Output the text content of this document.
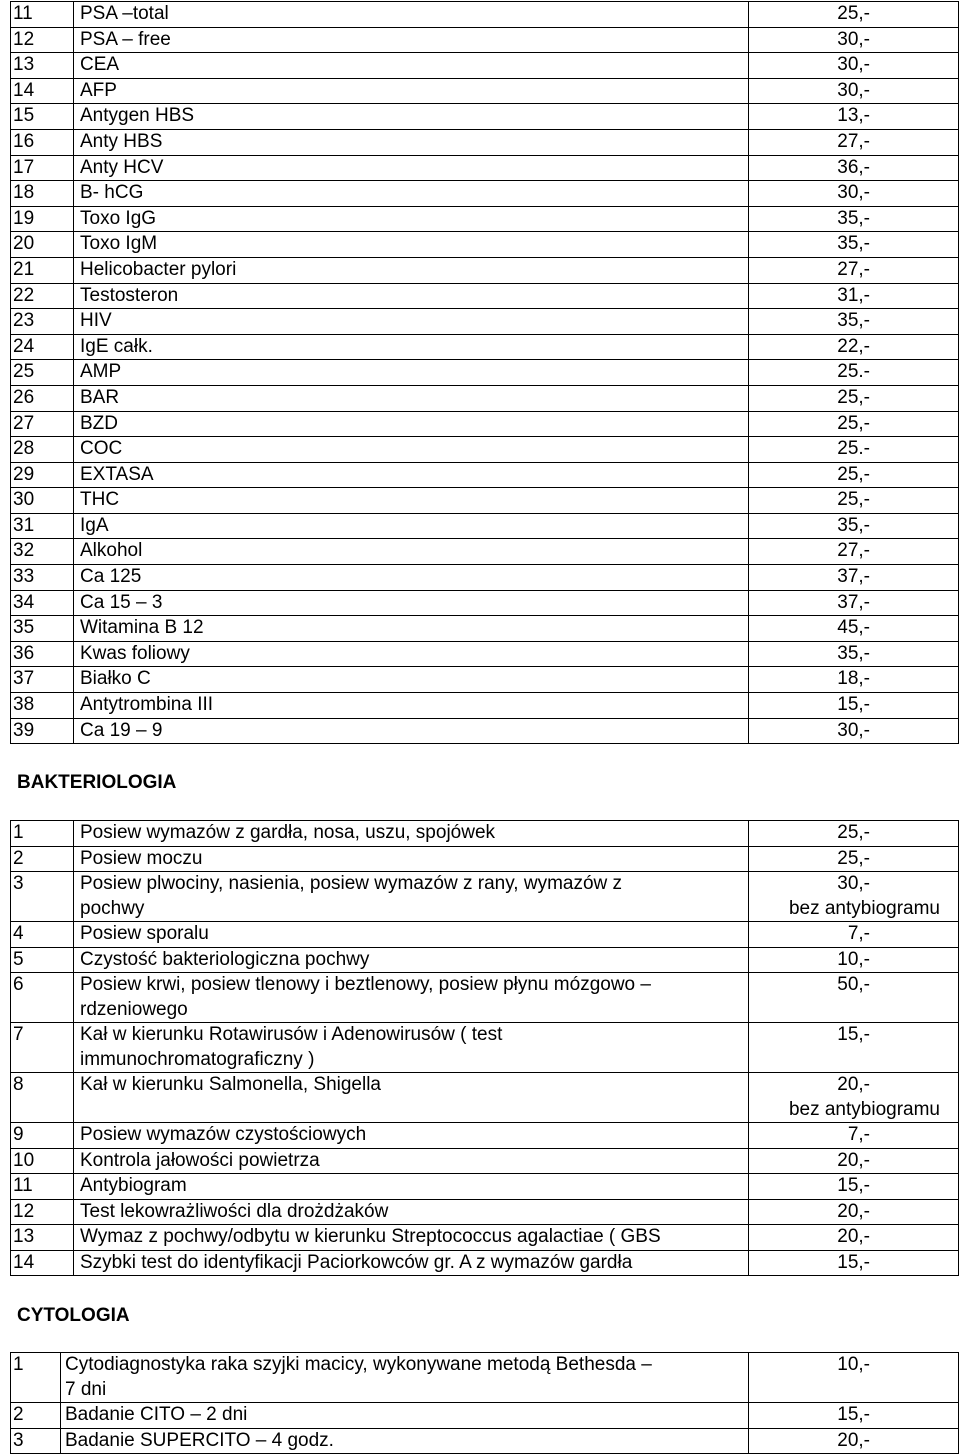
11	PSA –total	25,-
12	PSA – free	30,-
13	CEA	30,-
14	AFP	30,-
15	Antygen HBS	13,-
16	Anty HBS	27,-
17	Anty HCV	36,-
18	B- hCG	30,-
19	Toxo IgG	35,-
20	Toxo IgM	35,-
21	Helicobacter pylori	27,-
22	Testosteron	31,-
23	HIV	35,-
24	IgE całk.	22,-
25	AMP	25.-
26	BAR	25,-
27	BZD	25,-
28	COC	25.-
29	EXTASA	25,-
30	THC	25,-
31	IgA	35,-
32	Alkohol	27,-
33	Ca 125	37,-
34	Ca 15 – 3	37,-
35	Witamina B 12	45,-
36	Kwas foliowy	35,-
37	Białko C	18,-
38	Antytrombina III	15,-
39	Ca 19 – 9	30,-
BAKTERIOLOGIA
1	Posiew wymazów z gardła, nosa, uszu, spojówek	25,-
2	Posiew moczu	25,-
3	Posiew plwociny, nasienia, posiew wymazów z rany, wymazów z
pochwy	30,-
bez antybiogramu

4	Posiew sporalu	7,-
5	Czystość bakteriologiczna pochwy	10,-
6	Posiew krwi, posiew tlenowy i beztlenowy, posiew płynu mózgowo –
rdzeniowego	50,-
7	Kał w kierunku Rotawirusów i Adenowirusów ( test
immunochromatograficzny )	15,-
8	Kał w kierunku Salmonella, Shigella	20,-
bez antybiogramu

9	Posiew wymazów czystościowych	7,-
10	Kontrola jałowości powietrza	20,-
11	Antybiogram	15,-
12	Test lekowrażliwości dla drożdżaków	20,-
13	Wymaz z pochwy/odbytu w kierunku Streptococcus agalactiae ( GBS	20,-
14	Szybki test do identyfikacji Paciorkowców gr. A z wymazów gardła	15,-
CYTOLOGIA
1	Cytodiagnostyka raka szyjki macicy, wykonywane metodą Bethesda –
7 dni	10,-
2	Badanie CITO – 2 dni	15,-
3	Badanie SUPERCITO – 4 godz.	20,-
